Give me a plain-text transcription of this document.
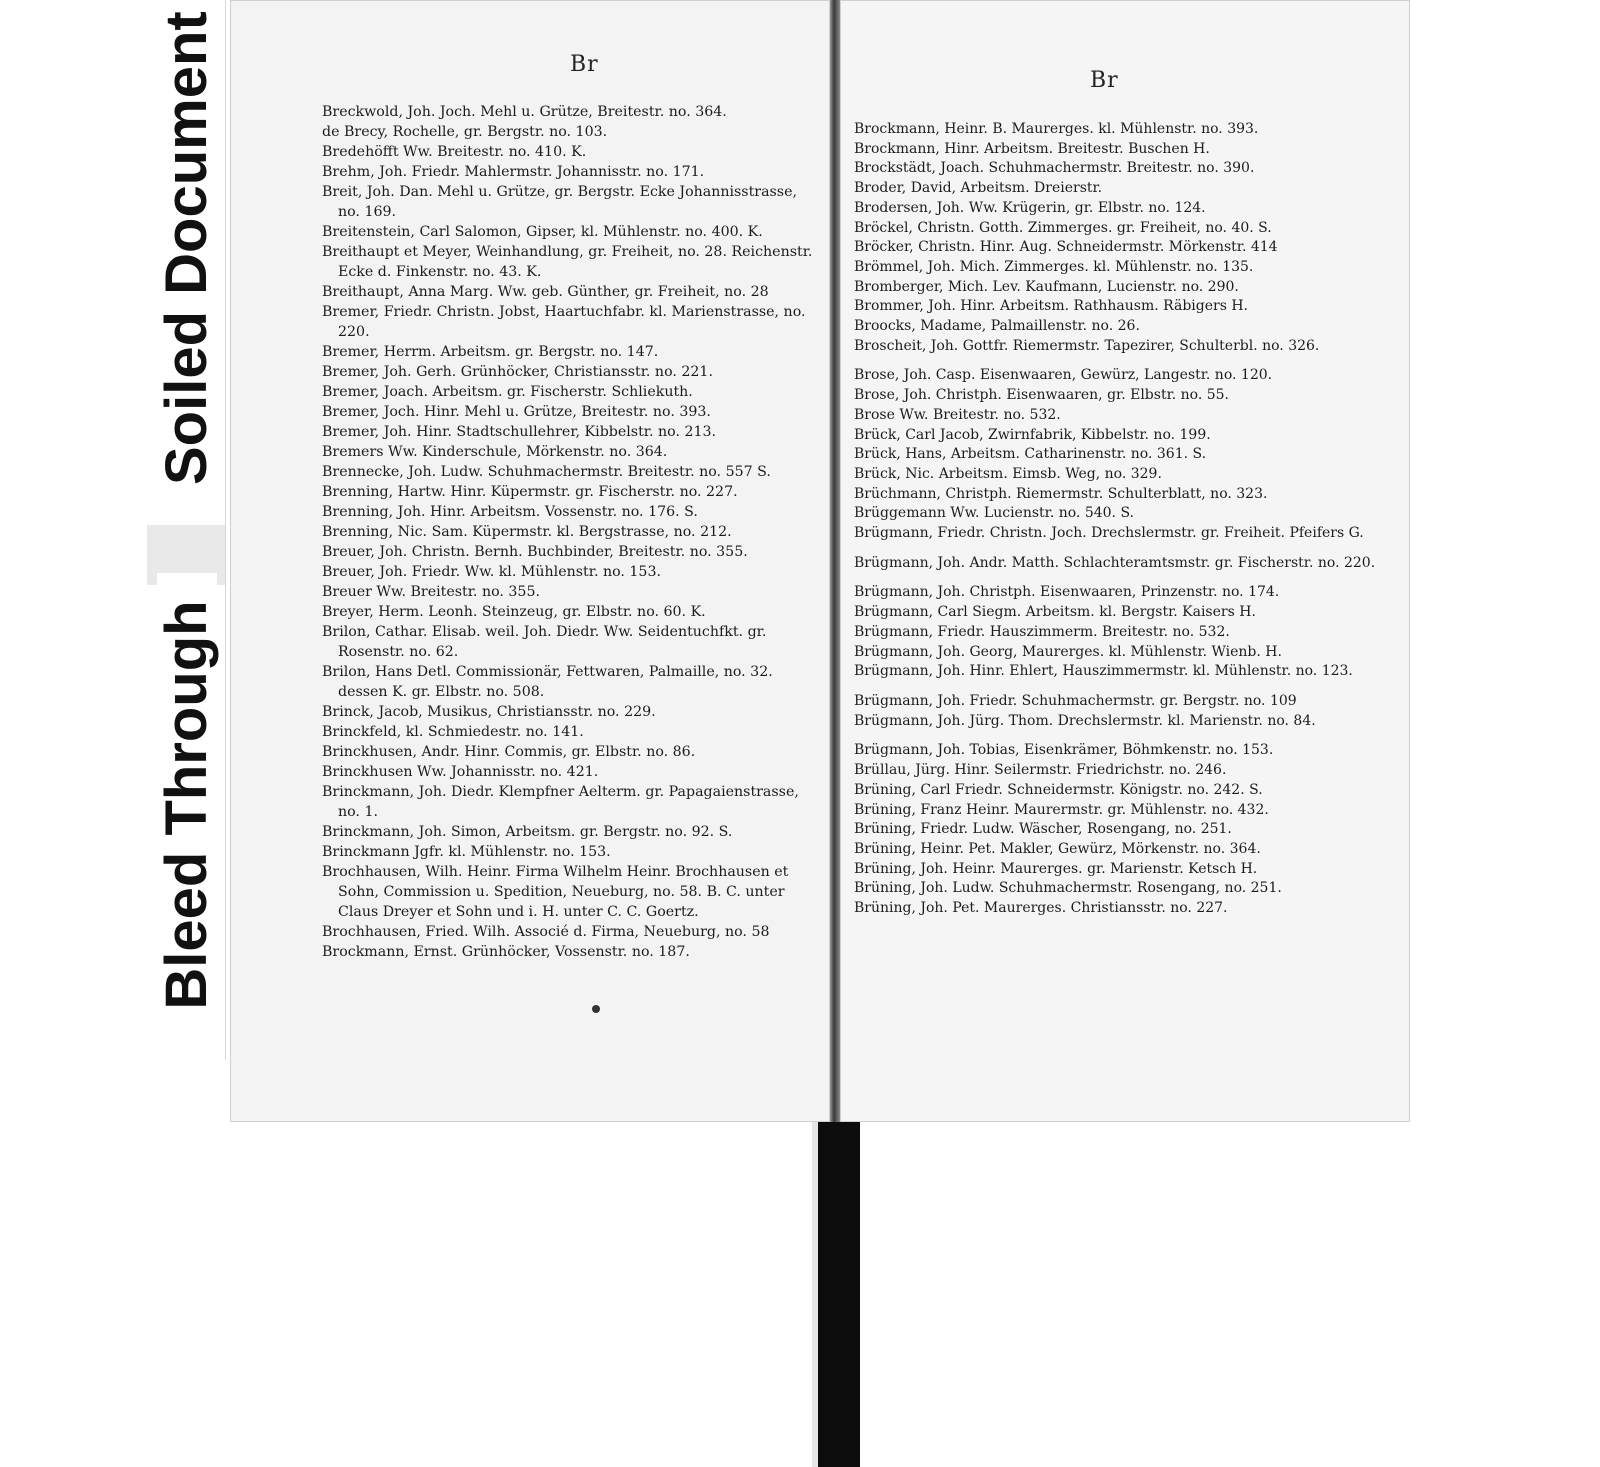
Soiled Document
Bleed Through
Br
Breckwold, Joh. Joch. Mehl u. Grütze, Breitestr. no. 364.
de Brecy, Rochelle, gr. Bergstr. no. 103.
Bredehöfft Ww. Breitestr. no. 410. K.
Brehm, Joh. Friedr. Mahlermstr. Johannisstr. no. 171.
Breit, Joh. Dan. Mehl u. Grütze, gr. Bergstr. Ecke Johannisstrasse, no. 169.
Breitenstein, Carl Salomon, Gipser, kl. Mühlenstr. no. 400. K.
Breithaupt et Meyer, Weinhandlung, gr. Freiheit, no. 28. Reichenstr. Ecke d. Finkenstr. no. 43. K.
Breithaupt, Anna Marg. Ww. geb. Günther, gr. Freiheit, no. 28
Bremer, Friedr. Christn. Jobst, Haartuchfabr. kl. Marienstrasse, no. 220.
Bremer, Herrm. Arbeitsm. gr. Bergstr. no. 147.
Bremer, Joh. Gerh. Grünhöcker, Christiansstr. no. 221.
Bremer, Joach. Arbeitsm. gr. Fischerstr. Schliekuth.
Bremer, Joch. Hinr. Mehl u. Grütze, Breitestr. no. 393.
Bremer, Joh. Hinr. Stadtschullehrer, Kibbelstr. no. 213.
Bremers Ww. Kinderschule, Mörkenstr. no. 364.
Brennecke, Joh. Ludw. Schuhmachermstr. Breitestr. no. 557 S.
Brenning, Hartw. Hinr. Küpermstr. gr. Fischerstr. no. 227.
Brenning, Joh. Hinr. Arbeitsm. Vossenstr. no. 176. S.
Brenning, Nic. Sam. Küpermstr. kl. Bergstrasse, no. 212.
Breuer, Joh. Christn. Bernh. Buchbinder, Breitestr. no. 355.
Breuer, Joh. Friedr. Ww. kl. Mühlenstr. no. 153.
Breuer Ww. Breitestr. no. 355.
Breyer, Herm. Leonh. Steinzeug, gr. Elbstr. no. 60. K.
Brilon, Cathar. Elisab. weil. Joh. Diedr. Ww. Seidentuchfkt. gr. Rosenstr. no. 62.
Brilon, Hans Detl. Commissionär, Fettwaren, Palmaille, no. 32. dessen K. gr. Elbstr. no. 508.
Brinck, Jacob, Musikus, Christiansstr. no. 229.
Brinckfeld, kl. Schmiedestr. no. 141.
Brinckhusen, Andr. Hinr. Commis, gr. Elbstr. no. 86.
Brinckhusen Ww. Johannisstr. no. 421.
Brinckmann, Joh. Diedr. Klempfner Aelterm. gr. Papagaienstrasse, no. 1.
Brinckmann, Joh. Simon, Arbeitsm. gr. Bergstr. no. 92. S.
Brinckmann Jgfr. kl. Mühlenstr. no. 153.
Brochhausen, Wilh. Heinr. Firma Wilhelm Heinr. Brochhausen et Sohn, Commission u. Spedition, Neueburg, no. 58. B. C. unter Claus Dreyer et Sohn und i. H. unter C. C. Goertz.
Brochhausen, Fried. Wilh. Associé d. Firma, Neueburg, no. 58
Brockmann, Ernst. Grünhöcker, Vossenstr. no. 187.
Br
Brockmann, Heinr. B. Maurerges. kl. Mühlenstr. no. 393.
Brockmann, Hinr. Arbeitsm. Breitestr. Buschen H.
Brockstädt, Joach. Schuhmachermstr. Breitestr. no. 390.
Broder, David, Arbeitsm. Dreierstr.
Brodersen, Joh. Ww. Krügerin, gr. Elbstr. no. 124.
Bröckel, Christn. Gotth. Zimmerges. gr. Freiheit, no. 40. S.
Bröcker, Christn. Hinr. Aug. Schneidermstr. Mörkenstr. 414
Brömmel, Joh. Mich. Zimmerges. kl. Mühlenstr. no. 135.
Bromberger, Mich. Lev. Kaufmann, Lucienstr. no. 290.
Brommer, Joh. Hinr. Arbeitsm. Rathhausm. Räbigers H.
Broocks, Madame, Palmaillenstr. no. 26.
Broscheit, Joh. Gottfr. Riemermstr. Tapezirer, Schulterbl. no. 326.
Brose, Joh. Casp. Eisenwaaren, Gewürz, Langestr. no. 120.
Brose, Joh. Christph. Eisenwaaren, gr. Elbstr. no. 55.
Brose Ww. Breitestr. no. 532.
Brück, Carl Jacob, Zwirnfabrik, Kibbelstr. no. 199.
Brück, Hans, Arbeitsm. Catharinenstr. no. 361. S.
Brück, Nic. Arbeitsm. Eimsb. Weg, no. 329.
Brüchmann, Christph. Riemermstr. Schulterblatt, no. 323.
Brüggemann Ww. Lucienstr. no. 540. S.
Brügmann, Friedr. Christn. Joch. Drechslermstr. gr. Freiheit. Pfeifers G.
Brügmann, Joh. Andr. Matth. Schlachteramtsmstr. gr. Fischerstr. no. 220.
Brügmann, Joh. Christph. Eisenwaaren, Prinzenstr. no. 174.
Brügmann, Carl Siegm. Arbeitsm. kl. Bergstr. Kaisers H.
Brügmann, Friedr. Hauszimmerm. Breitestr. no. 532.
Brügmann, Joh. Georg, Maurerges. kl. Mühlenstr. Wienb. H.
Brügmann, Joh. Hinr. Ehlert, Hauszimmermstr. kl. Mühlenstr. no. 123.
Brügmann, Joh. Friedr. Schuhmachermstr. gr. Bergstr. no. 109
Brügmann, Joh. Jürg. Thom. Drechslermstr. kl. Marienstr. no. 84.
Brügmann, Joh. Tobias, Eisenkrämer, Böhmkenstr. no. 153.
Brüllau, Jürg. Hinr. Seilermstr. Friedrichstr. no. 246.
Brüning, Carl Friedr. Schneidermstr. Königstr. no. 242. S.
Brüning, Franz Heinr. Maurermstr. gr. Mühlenstr. no. 432.
Brüning, Friedr. Ludw. Wäscher, Rosengang, no. 251.
Brüning, Heinr. Pet. Makler, Gewürz, Mörkenstr. no. 364.
Brüning, Joh. Heinr. Maurerges. gr. Marienstr. Ketsch H.
Brüning, Joh. Ludw. Schuhmachermstr. Rosengang, no. 251.
Brüning, Joh. Pet. Maurerges. Christiansstr. no. 227.
